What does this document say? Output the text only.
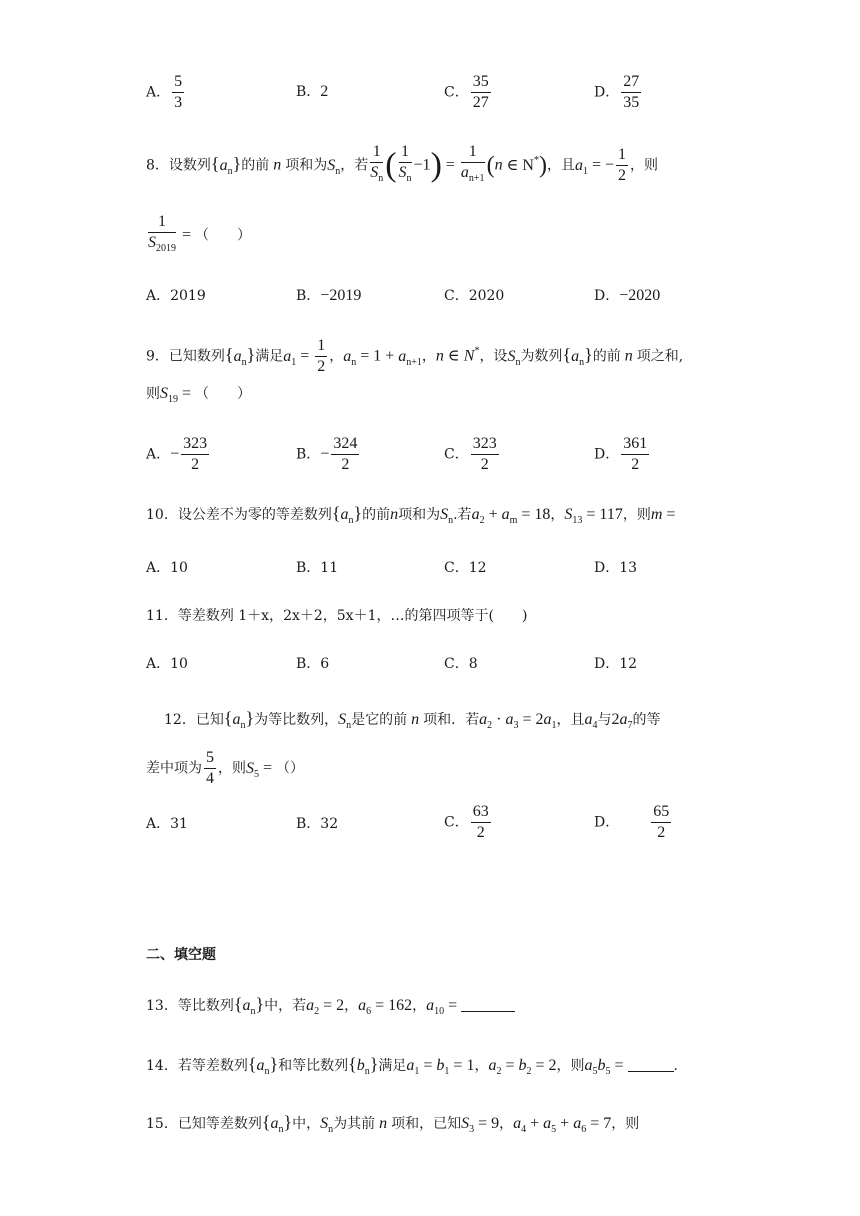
A． $\frac{5}{3}$	B．2	C． $\frac{35}{27}$	D． $\frac{27}{35}$
8．设数列$\{a_n\}$的前 n 项和为$S_n$，若 $\frac{1}{S_n}$ ( $\frac{1}{S_n} -1) = \frac{1}{a_{n+1}} (n$ ∈ N*)，且$a_1$ = − $\frac{1}{2}$ ，则
$\frac{1}{S_{2019}}$ = （　　）
A．2019	B．−2019	C．2020	D．−2020
9．已知数列$\{a_n\}$满足$a_1 = \frac{1}{2}$ ，$a_n = 1 + a_{n+1}$，n ∈ N*，设$S_n$为数列$\{a_n\}$的前 n 项之和,
则$S_{19}$ = （　　）
A．− $\frac{323}{2}$	B．− $\frac{324}{2}$	C． $\frac{323}{2}$	D． $\frac{361}{2}$
10．设公差不为零的等差数列$\{a_n\}$的前n项和为$S_n$.若$a_2 + a_m = 18$，$S_{13} = 117$，则m =
A．10	B．11	C．12	D．13
11．等差数列 1＋x，2x＋2，5x＋1，…的第四项等于(　　)
A．10	B．6	C．8	D．12
12．已知$\{a_n\}$为等比数列，$S_n$是它的前 n 项和．若$a_2 \cdot a_3 = 2a_1$，且$a_4$与$2a_7$的等
差中项为 $\frac{5}{4}$ ，则$S_5$ = （）
A．31	B．32	C． $\frac{63}{2}$	D． $\frac{65}{2}$
二、填空题
13．等比数列$\{a_n\}$中，若$a_2 = 2$，$a_6 = 162$，$a_{10}$ =
14．若等差数列$\{a_n\}$和等比数列$\{b_n\}$满足$a_1 = b_1 = 1$，$a_2 = b_2 = 2$，则$a_5b_5$ =	.
15．已知等差数列$\{a_n\}$中，$S_n$为其前 n 项和，已知$S_3 = 9$，$a_4 + a_5 + a_6 = 7$，则
